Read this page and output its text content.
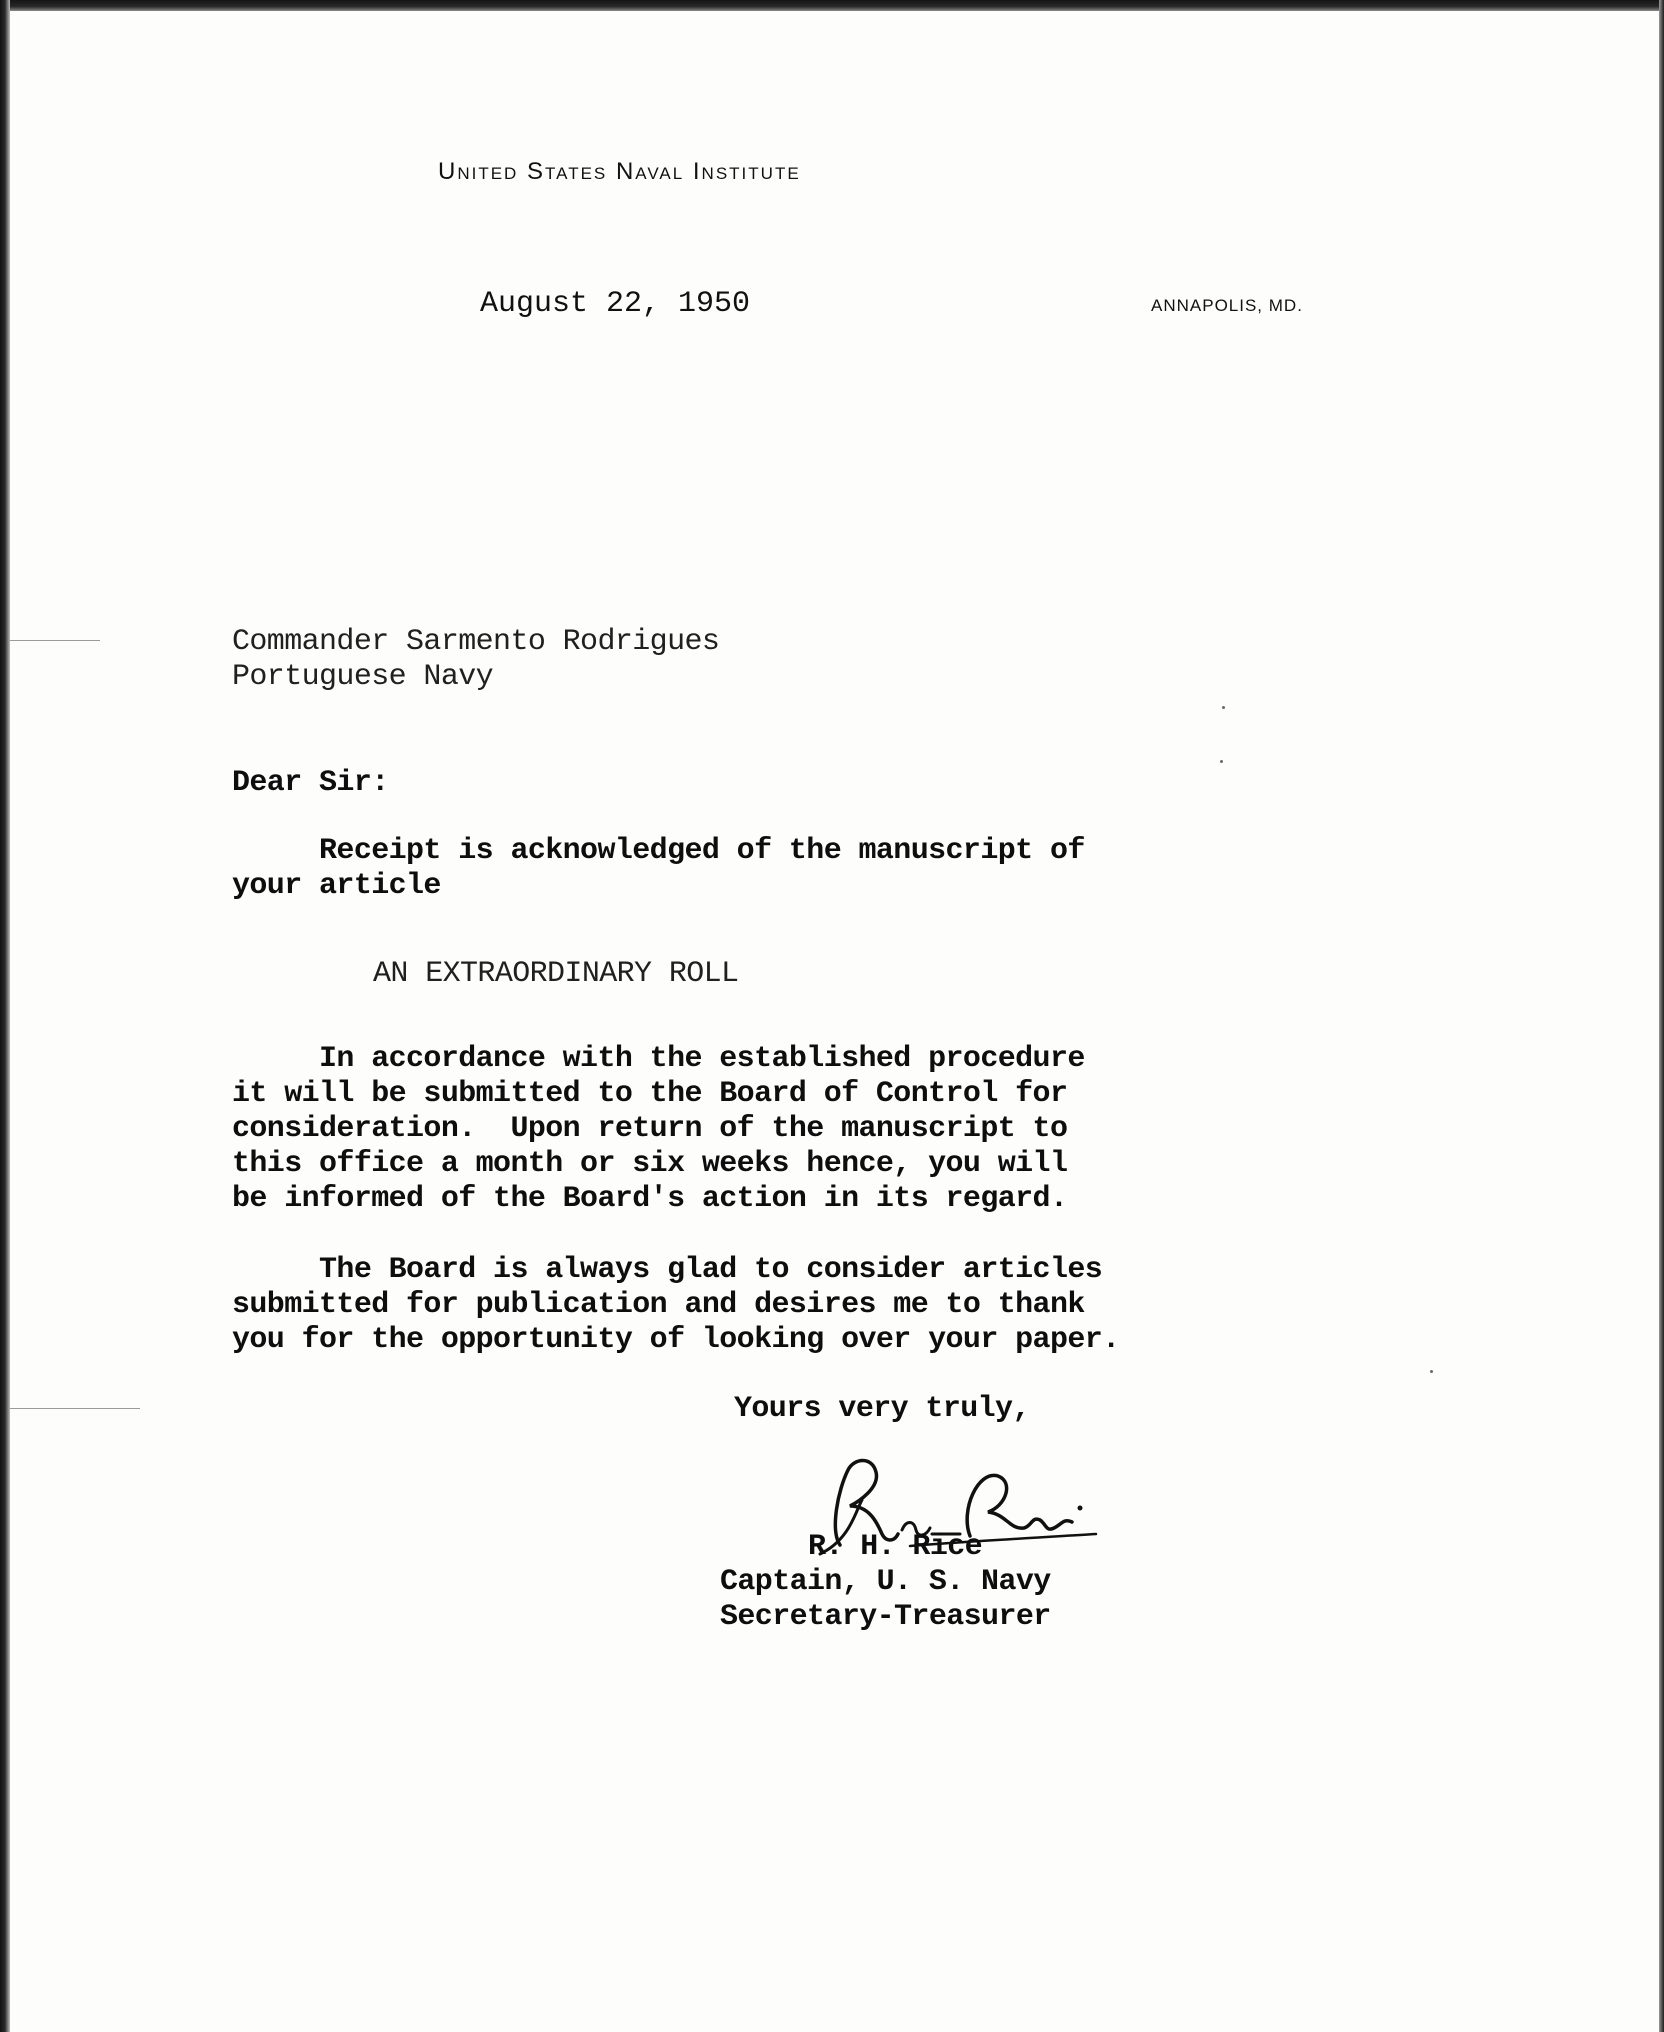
United States Naval Institute
August 22, 1950	ANNAPOLIS, MD.
Commander Sarmento Rodrigues
Portuguese Navy
Dear Sir:
Receipt is acknowledged of the manuscript of
your article
AN EXTRAORDINARY ROLL
In accordance with the established procedure
it will be submitted to the Board of Control for
consideration.  Upon return of the manuscript to
this office a month or six weeks hence, you will
be informed of the Board's action in its regard.
The Board is always glad to consider articles
submitted for publication and desires me to thank
you for the opportunity of looking over your paper.
Yours very truly,
R. H. Rice
Captain, U. S. Navy
Secretary-Treasurer
